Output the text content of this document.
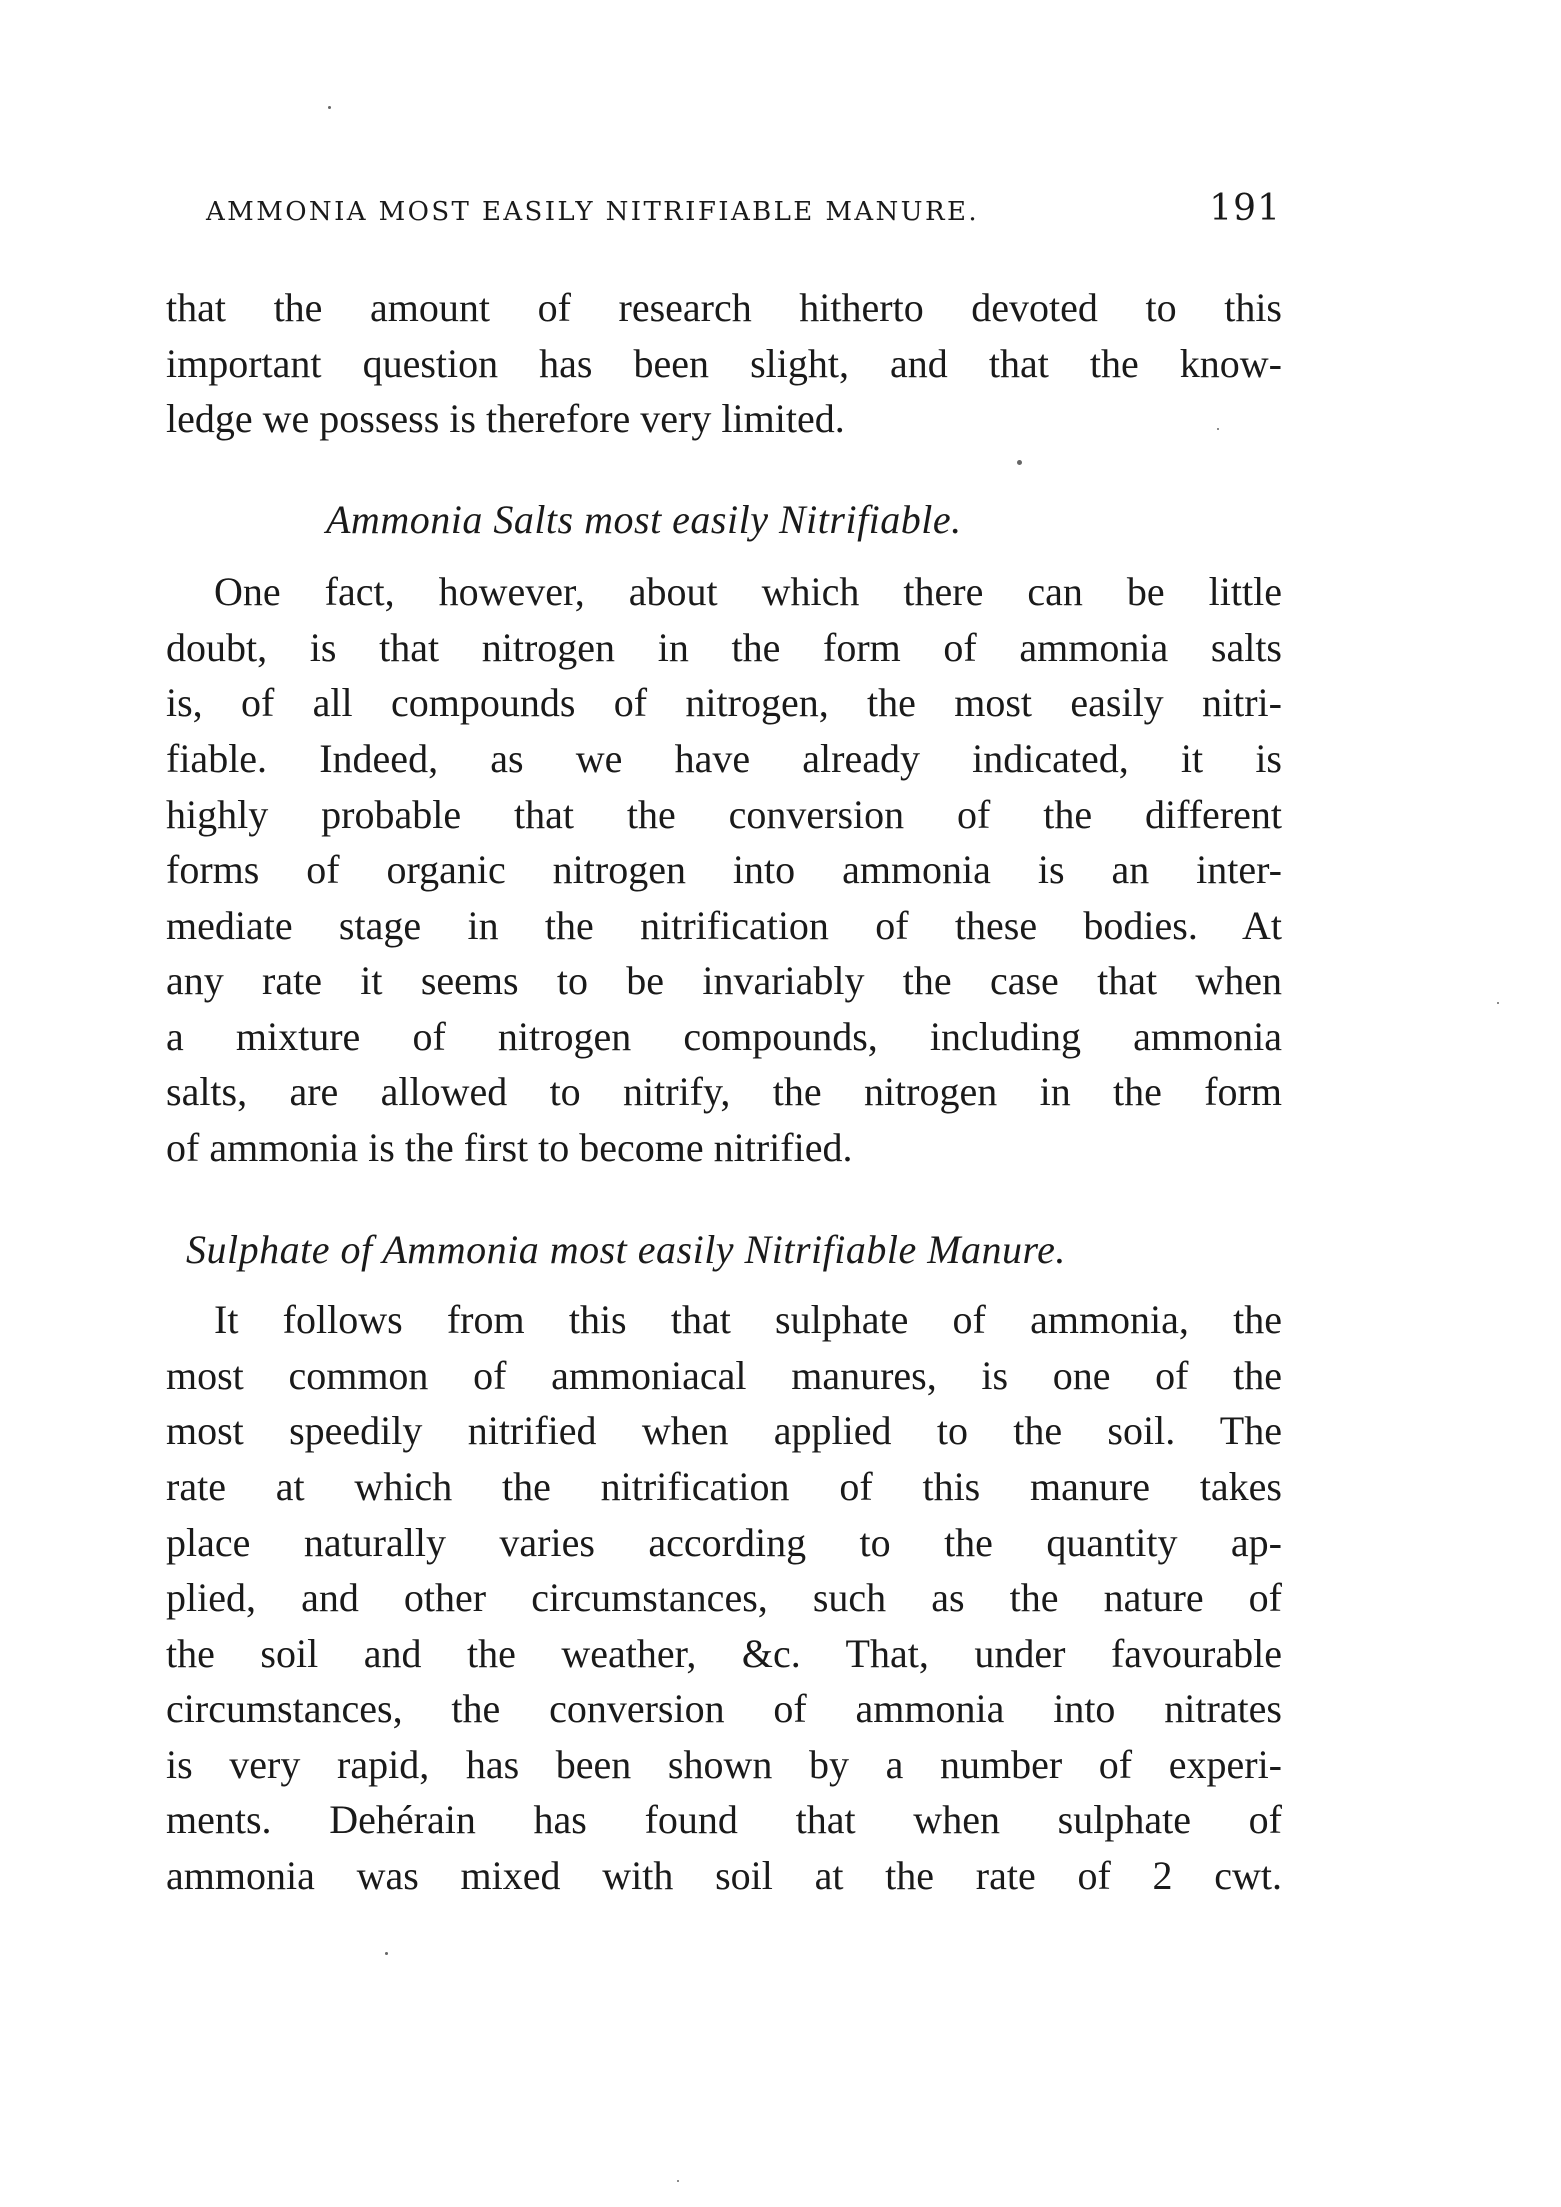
AMMONIA MOST EASILY NITRIFIABLE MANURE.	191
that the amount of research hitherto devoted to this
important question has been slight, and that the know-
ledge we possess is therefore very limited.
Ammonia Salts most easily Nitrifiable.
One fact, however, about which there can be little
doubt, is that nitrogen in the form of ammonia salts
is, of all compounds of nitrogen, the most easily nitri-
fiable. Indeed, as we have already indicated, it is
highly probable that the conversion of the different
forms of organic nitrogen into ammonia is an inter-
mediate stage in the nitrification of these bodies. At
any rate it seems to be invariably the case that when
a mixture of nitrogen compounds, including ammonia
salts, are allowed to nitrify, the nitrogen in the form
of ammonia is the first to become nitrified.
Sulphate of Ammonia most easily Nitrifiable Manure.
It follows from this that sulphate of ammonia, the
most common of ammoniacal manures, is one of the
most speedily nitrified when applied to the soil. The
rate at which the nitrification of this manure takes
place naturally varies according to the quantity ap-
plied, and other circumstances, such as the nature of
the soil and the weather, &c. That, under favourable
circumstances, the conversion of ammonia into nitrates
is very rapid, has been shown by a number of experi-
ments. Dehérain has found that when sulphate of
ammonia was mixed with soil at the rate of 2 cwt.
